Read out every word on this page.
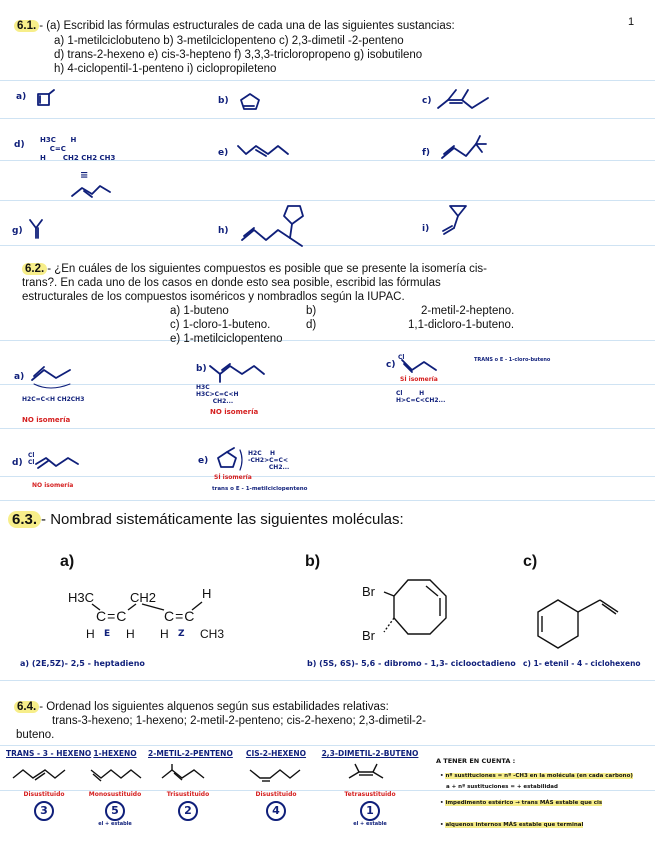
1
6.1. - (a) Escribid las fórmulas estructurales de cada una de las siguientes sustancias:
a) 1-metilciclobuteno b) 3-metilciclopenteno c) 2,3-dimetil -2-penteno
d) trans-2-hexeno e) cis-3-hepteno f) 3,3,3-tricloropropeno g) isobutileno
h) 4-ciclopentil-1-penteno i) ciclopropileteno
a)	b)	c)
d) H3C      H
C=C
H       CH2 CH2 CH3
≡
e)	f)
g)	h)	i)
6.2. - ¿En cuáles de los siguientes compuestos es posible que se presente la isomería cis-
trans?. En cada uno de los casos en donde esto sea posible, escribid las fórmulas
estructurales de los compuestos isoméricos y nombradlos según la IUPAC.
a) 1-buteno	b)	2-metil-2-hepteno.
c) 1-cloro-1-buteno.	d)	1,1-dicloro-1-buteno.
e) 1-metilciclopenteno
a)
H2C=C<H CH2CH3
NO isomería
b)
H3C
H3C>C=C<H
CH2...
NO isomería
c)
Cl	TRANS o E - 1-cloro-buteno
SÍ isomería
Cl        H
H>C=C<CH2...
d)
Cl
Cl
NO isomería
e)
H2C    H
-CH2>C=C<
CH2...
SÍ isomería
trans o E - 1-metilciclopenteno
6.3. - Nombrad sistemáticamente las siguientes moléculas:
a)	b)	c)
H3C	CH2	H
C=C	C=C
H E H H Z CH3
Br
Br
a) (2E,5Z)- 2,5 - heptadieno	b) (5S, 6S)- 5,6 - dibromo - 1,3- ciclooctadieno c) 1- etenil - 4 - ciclohexeno
6.4. - Ordenad los siguientes alquenos según sus estabilidades relativas:
trans-3-hexeno; 1-hexeno; 2-metil-2-penteno; cis-2-hexeno; 2,3-dimetil-2-
buteno.
TRANS - 3 - HEXENO
Disustituido
3
1-HEXENO
Monosustituido
5
el + estable
2-METIL-2-PENTENO
Trisustituido
2
CIS-2-HEXENO
Disustituido
4
2,3-DIMETIL-2-BUTENO
Tetrasustituido
1
el + estable
A TENER EN CUENTA :
• nº sustituciones = nº -CH3 en la molécula (en cada carbono)
a + nº sustituciones = + estabilidad
• impedimento estérico → trans MÁS estable que cis
• alquenos internos MÁS estable que terminal
